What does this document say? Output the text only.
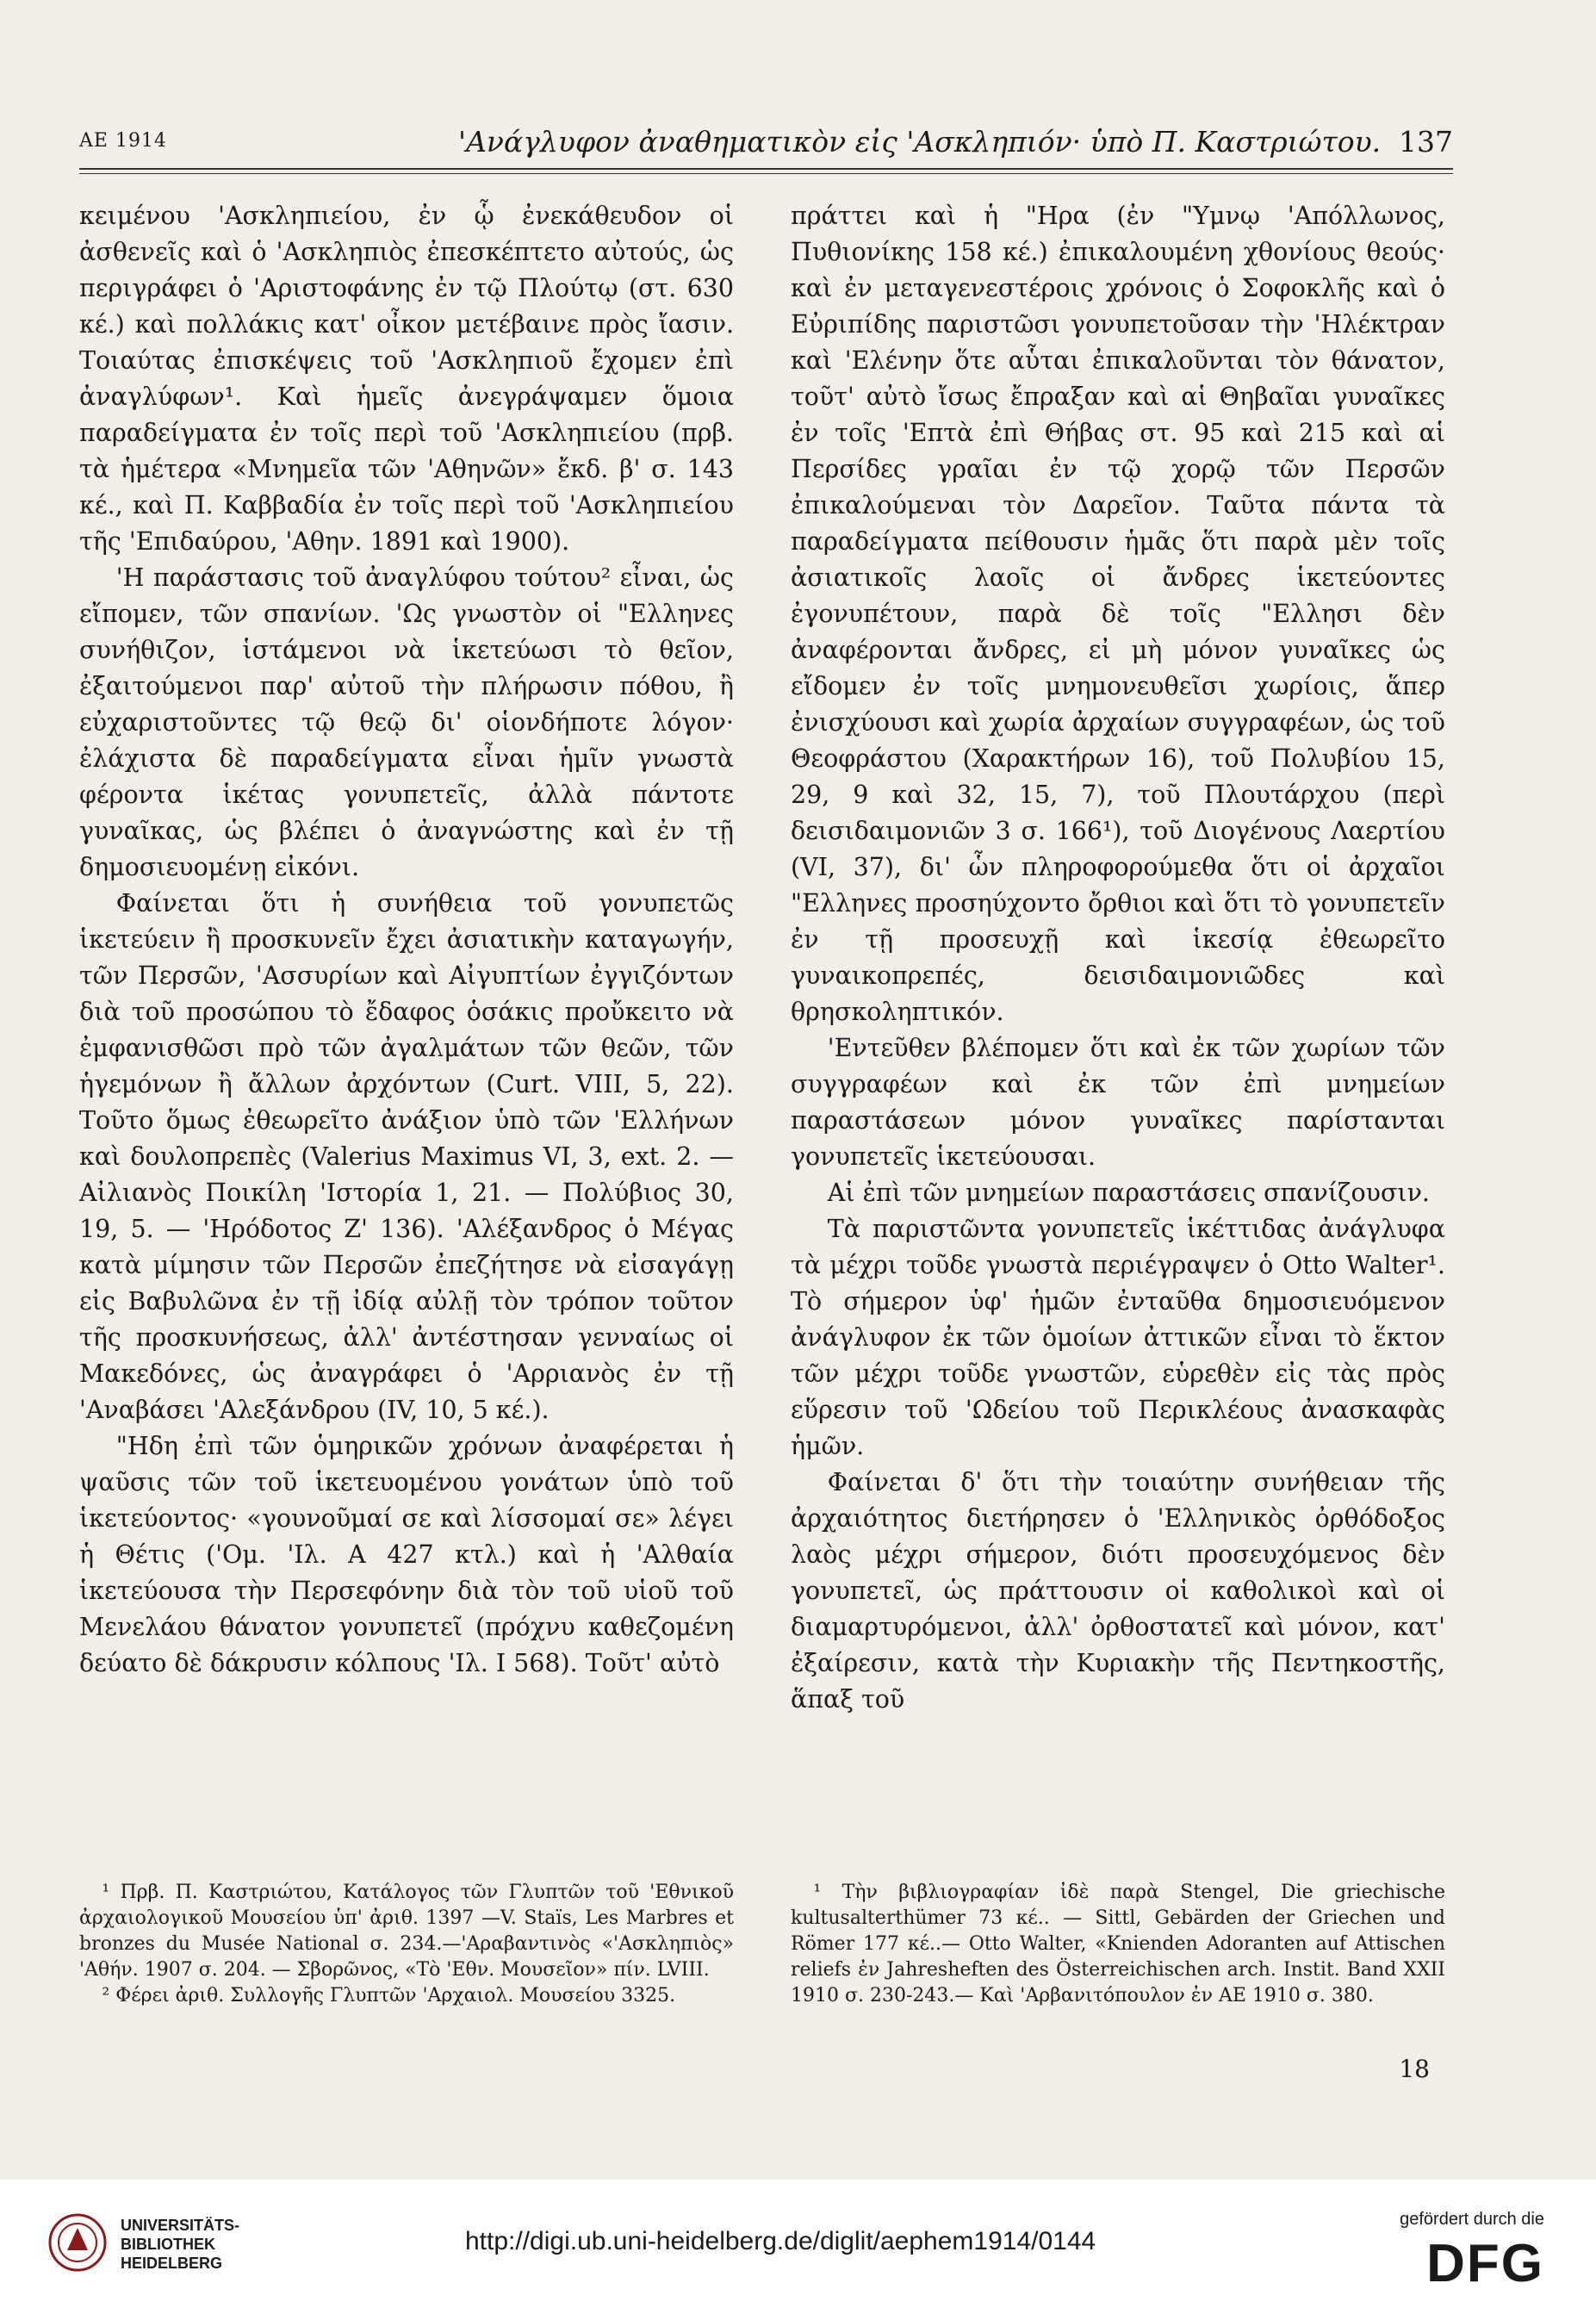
ΑΕ 1914	'Ανάγλυφον ἀναθηματικὸν εἰς 'Ασκληπιόν· ὑπὸ Π. Καστριώτου. 137

κειμένου 'Ασκληπιείου, ἐν ᾧ ἐνεκάθευδον οἱ ἀσθενεῖς καὶ ὁ 'Ασκληπιὸς ἐπεσκέπτετο αὐτούς, ὡς περιγράφει ὁ 'Αριστοφάνης ἐν τῷ Πλούτῳ (στ. 630 κέ.) καὶ πολλάκις κατ' οἶκον μετέβαινε πρὸς ἴασιν. Τοιαύτας ἐπισκέψεις τοῦ 'Ασκληπιοῦ ἔχομεν ἐπὶ ἀναγλύφων¹. Καὶ ἡμεῖς ἀνεγράψαμεν ὅμοια παραδείγματα ἐν τοῖς περὶ τοῦ 'Ασκληπιείου (πρβ. τὰ ἡμέτερα «Μνημεῖα τῶν 'Αθηνῶν» ἔκδ. β' σ. 143 κέ., καὶ Π. Καββαδία ἐν τοῖς περὶ τοῦ 'Ασκληπιείου τῆς 'Επιδαύρου, 'Αθην. 1891 καὶ 1900).

'Η παράστασις τοῦ ἀναγλύφου τούτου² εἶναι, ὡς εἴπομεν, τῶν σπανίων. 'Ως γνωστὸν οἱ "Ελληνες συνήθιζον, ἱστάμενοι νὰ ἱκετεύωσι τὸ θεῖον, ἐξαιτούμενοι παρ' αὐτοῦ τὴν πλήρωσιν πόθου, ἢ εὐχαριστοῦντες τῷ θεῷ δι' οἱονδήποτε λόγον· ἐλάχιστα δὲ παραδείγματα εἶναι ἡμῖν γνωστὰ φέροντα ἱκέτας γονυπετεῖς, ἀλλὰ πάντοτε γυναῖκας, ὡς βλέπει ὁ ἀναγνώστης καὶ ἐν τῇ δημοσιευομένῃ εἰκόνι.

Φαίνεται ὅτι ἡ συνήθεια τοῦ γονυπετῶς ἱκετεύειν ἢ προσκυνεῖν ἔχει ἀσιατικὴν καταγωγήν, τῶν Περσῶν, 'Ασσυρίων καὶ Αἰγυπτίων ἐγγιζόντων διὰ τοῦ προσώπου τὸ ἔδαφος ὁσάκις προὔκειτο νὰ ἐμφανισθῶσι πρὸ τῶν ἀγαλμάτων τῶν θεῶν, τῶν ἡγεμόνων ἢ ἄλλων ἀρχόντων (Curt. VIII, 5, 22). Τοῦτο ὅμως ἐθεωρεῖτο ἀνάξιον ὑπὸ τῶν 'Ελλήνων καὶ δουλοπρεπὲς (Valerius Maximus VI, 3, ext. 2. — Αἰλιανὸς Ποικίλη 'Ιστορία 1, 21. — Πολύβιος 30, 19, 5. — 'Ηρόδοτος Ζ' 136). 'Αλέξανδρος ὁ Μέγας κατὰ μίμησιν τῶν Περσῶν ἐπεζήτησε νὰ εἰσαγάγῃ εἰς Βαβυλῶνα ἐν τῇ ἰδίᾳ αὐλῇ τὸν τρόπον τοῦτον τῆς προσκυνήσεως, ἀλλ' ἀντέστησαν γενναίως οἱ Μακεδόνες, ὡς ἀναγράφει ὁ 'Αρριανὸς ἐν τῇ 'Αναβάσει 'Αλεξάνδρου (IV, 10, 5 κέ.).

"Ηδη ἐπὶ τῶν ὁμηρικῶν χρόνων ἀναφέρεται ἡ ψαῦσις τῶν τοῦ ἱκετευομένου γονάτων ὑπὸ τοῦ ἱκετεύοντος· «γουνοῦμαί σε καὶ λίσσομαί σε» λέγει ἡ Θέτις ('Ομ. 'Ιλ. Α 427 κτλ.) καὶ ἡ 'Αλθαία ἱκετεύουσα τὴν Περσεφόνην διὰ τὸν τοῦ υἱοῦ τοῦ Μενελάου θάνατον γονυπετεῖ (πρόχνυ καθεζομένη δεύατο δὲ δάκρυσιν κόλπους 'Ιλ. Ι 568). Τοῦτ' αὐτὸ

πράττει καὶ ἡ "Ηρα (ἐν "Υμνῳ 'Απόλλωνος, Πυθιονίκης 158 κέ.) ἐπικαλουμένη χθονίους θεούς· καὶ ἐν μεταγενεστέροις χρόνοις ὁ Σοφοκλῆς καὶ ὁ Εὐριπίδης παριστῶσι γονυπετοῦσαν τὴν 'Ηλέκτραν καὶ 'Ελένην ὅτε αὗται ἐπικαλοῦνται τὸν θάνατον, τοῦτ' αὐτὸ ἴσως ἔπραξαν καὶ αἱ Θηβαῖαι γυναῖκες ἐν τοῖς 'Επτὰ ἐπὶ Θήβας στ. 95 καὶ 215 καὶ αἱ Περσίδες γραῖαι ἐν τῷ χορῷ τῶν Περσῶν ἐπικαλούμεναι τὸν Δαρεῖον. Ταῦτα πάντα τὰ παραδείγματα πείθουσιν ἡμᾶς ὅτι παρὰ μὲν τοῖς ἀσιατικοῖς λαοῖς οἱ ἄνδρες ἱκετεύοντες ἐγονυπέτουν, παρὰ δὲ τοῖς "Ελλησι δὲν ἀναφέρονται ἄνδρες, εἰ μὴ μόνον γυναῖκες ὡς εἴδομεν ἐν τοῖς μνημονευθεῖσι χωρίοις, ἅπερ ἐνισχύουσι καὶ χωρία ἀρχαίων συγγραφέων, ὡς τοῦ Θεοφράστου (Χαρακτήρων 16), τοῦ Πολυβίου 15, 29, 9 καὶ 32, 15, 7), τοῦ Πλουτάρχου (περὶ δεισιδαιμονιῶν 3 σ. 166¹), τοῦ Διογένους Λαερτίου (VI, 37), δι' ὧν πληροφορούμεθα ὅτι οἱ ἀρχαῖοι "Ελληνες προσηύχοντο ὄρθιοι καὶ ὅτι τὸ γονυπετεῖν ἐν τῇ προσευχῇ καὶ ἱκεσίᾳ ἐθεωρεῖτο γυναικοπρεπές, δεισιδαιμονιῶδες καὶ θρησκοληπτικόν.

'Εντεῦθεν βλέπομεν ὅτι καὶ ἐκ τῶν χωρίων τῶν συγγραφέων καὶ ἐκ τῶν ἐπὶ μνημείων παραστάσεων μόνον γυναῖκες παρίστανται γονυπετεῖς ἱκετεύουσαι.

Αἱ ἐπὶ τῶν μνημείων παραστάσεις σπανίζουσιν.

Τὰ παριστῶντα γονυπετεῖς ἱκέττιδας ἀνάγλυφα τὰ μέχρι τοῦδε γνωστὰ περιέγραψεν ὁ Otto Walter¹. Τὸ σήμερον ὑφ' ἡμῶν ἐνταῦθα δημοσιευόμενον ἀνάγλυφον ἐκ τῶν ὁμοίων ἀττικῶν εἶναι τὸ ἕκτον τῶν μέχρι τοῦδε γνωστῶν, εὑρεθὲν εἰς τὰς πρὸς εὕρεσιν τοῦ 'Ωδείου τοῦ Περικλέους ἀνασκαφὰς ἡμῶν.

Φαίνεται δ' ὅτι τὴν τοιαύτην συνήθειαν τῆς ἀρχαιότητος διετήρησεν ὁ 'Ελληνικὸς ὀρθόδοξος λαὸς μέχρι σήμερον, διότι προσευχόμενος δὲν γονυπετεῖ, ὡς πράττουσιν οἱ καθολικοὶ καὶ οἱ διαμαρτυρόμενοι, ἀλλ' ὀρθοστατεῖ καὶ μόνον, κατ' ἐξαίρεσιν, κατὰ τὴν Κυριακὴν τῆς Πεντηκοστῆς, ἅπαξ τοῦ

¹ Πρβ. Π. Καστριώτου, Κατάλογος τῶν Γλυπτῶν τοῦ 'Εθνικοῦ ἀρχαιολογικοῦ Μουσείου ὑπ' ἀριθ. 1397 —V. Staïs, Les Marbres et bronzes du Musée National σ. 234.—'Αραβαντινὸς «'Ασκληπιὸς» 'Αθήν. 1907 σ. 204. — Σβορῶνος, «Τὸ 'Εθν. Μουσεῖον» πίν. LVIII.

² Φέρει ἀριθ. Συλλογῆς Γλυπτῶν 'Αρχαιολ. Μουσείου 3325.

¹ Τὴν βιβλιογραφίαν ἰδὲ παρὰ Stengel, Die griechische kultusalterthümer 73 κέ.. — Sittl, Gebärden der Griechen und Römer 177 κέ..— Otto Walter, «Knienden Adoranten auf Attischen reliefs ἐν Jahresheften des Österreichischen arch. Instit. Band XXII 1910 σ. 230-243.— Καὶ 'Αρβανιτόπουλον ἐν ΑΕ 1910 σ. 380.

18
UNIVERSITÄTS- BIBLIOTHEK HEIDELBERG
http://digi.ub.uni-heidelberg.de/diglit/aephem1914/0144
gefördert durch die
DFG
